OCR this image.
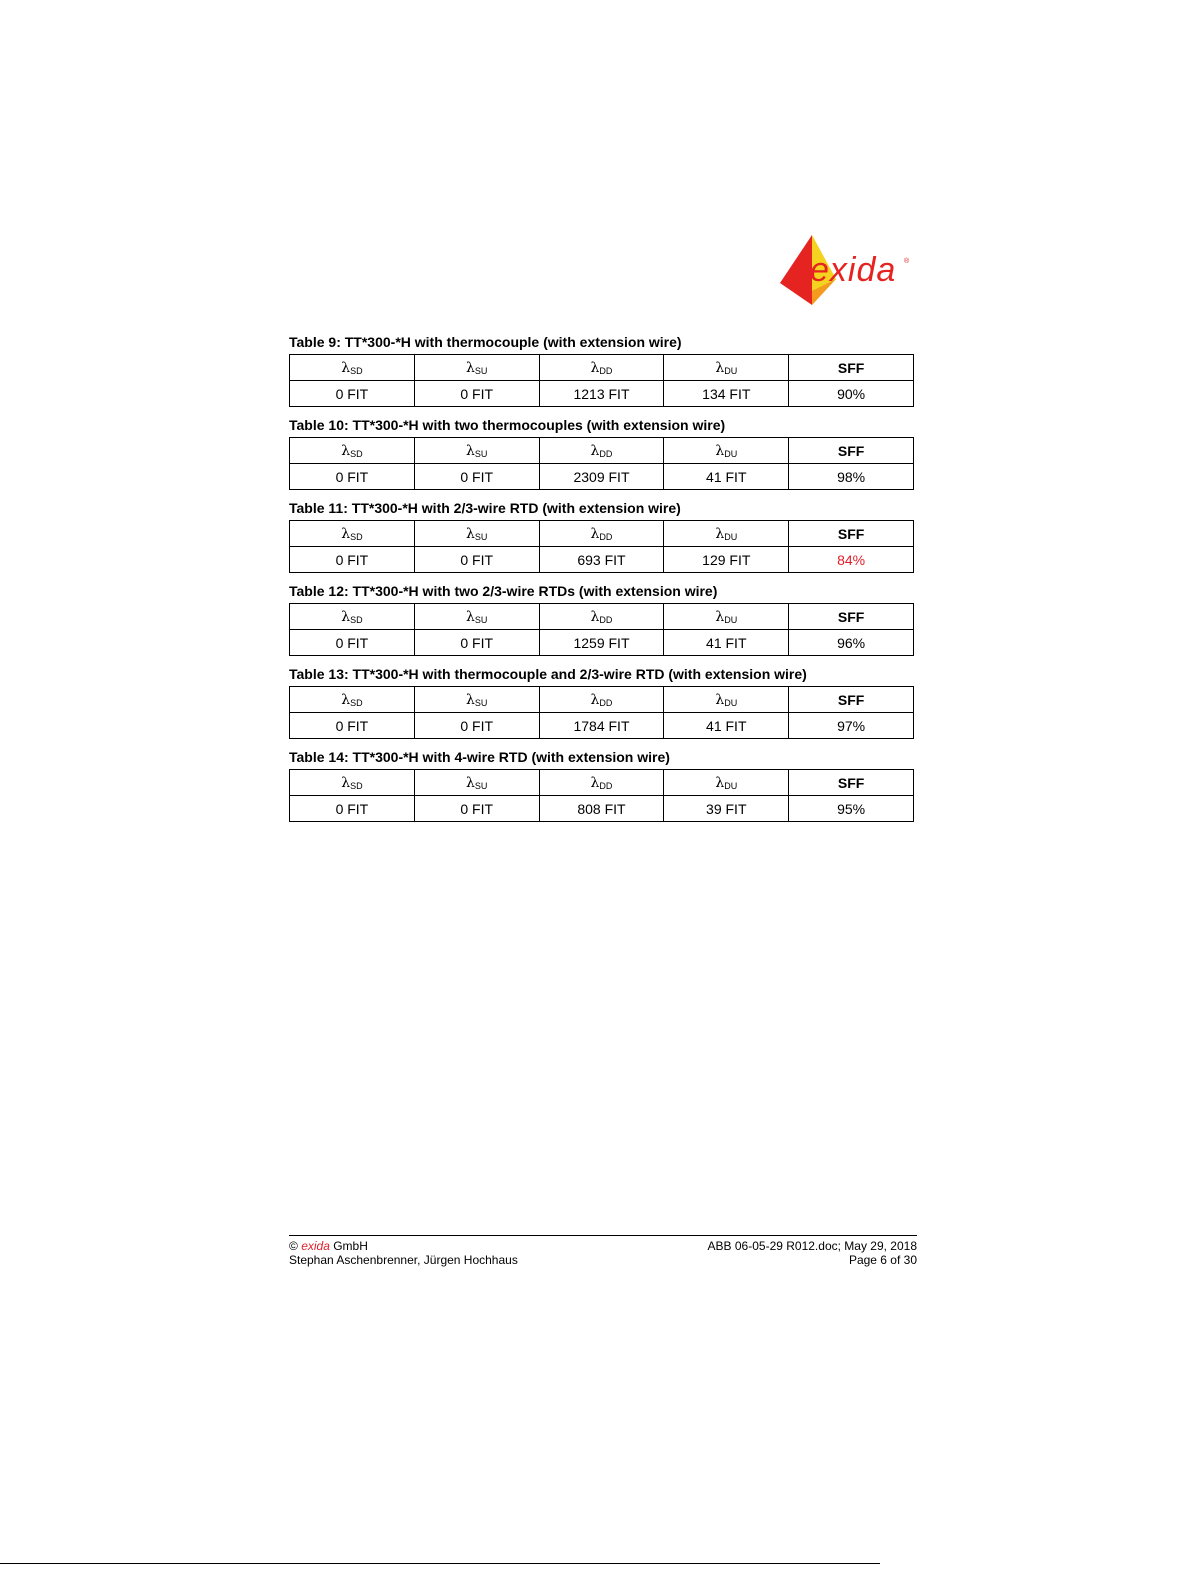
exida ®
Table 9: TT*300-*H with thermocouple (with extension wire)
λSD	λSU	λDD	λDU	SFF
0 FIT	0 FIT	1213 FIT	134 FIT	90%
Table 10: TT*300-*H with two thermocouples (with extension wire)
λSD	λSU	λDD	λDU	SFF
0 FIT	0 FIT	2309 FIT	41 FIT	98%
Table 11: TT*300-*H with 2/3-wire RTD (with extension wire)
λSD	λSU	λDD	λDU	SFF
0 FIT	0 FIT	693 FIT	129 FIT	84%
Table 12: TT*300-*H with two 2/3-wire RTDs (with extension wire)
λSD	λSU	λDD	λDU	SFF
0 FIT	0 FIT	1259 FIT	41 FIT	96%
Table 13: TT*300-*H with thermocouple and 2/3-wire RTD (with extension wire)
λSD	λSU	λDD	λDU	SFF
0 FIT	0 FIT	1784 FIT	41 FIT	97%
Table 14: TT*300-*H with 4-wire RTD (with extension wire)
λSD	λSU	λDD	λDU	SFF
0 FIT	0 FIT	808 FIT	39 FIT	95%
© exida GmbH	ABB 06-05-29 R012.doc; May 29, 2018
Stephan Aschenbrenner, Jürgen Hochhaus	Page 6 of 30
